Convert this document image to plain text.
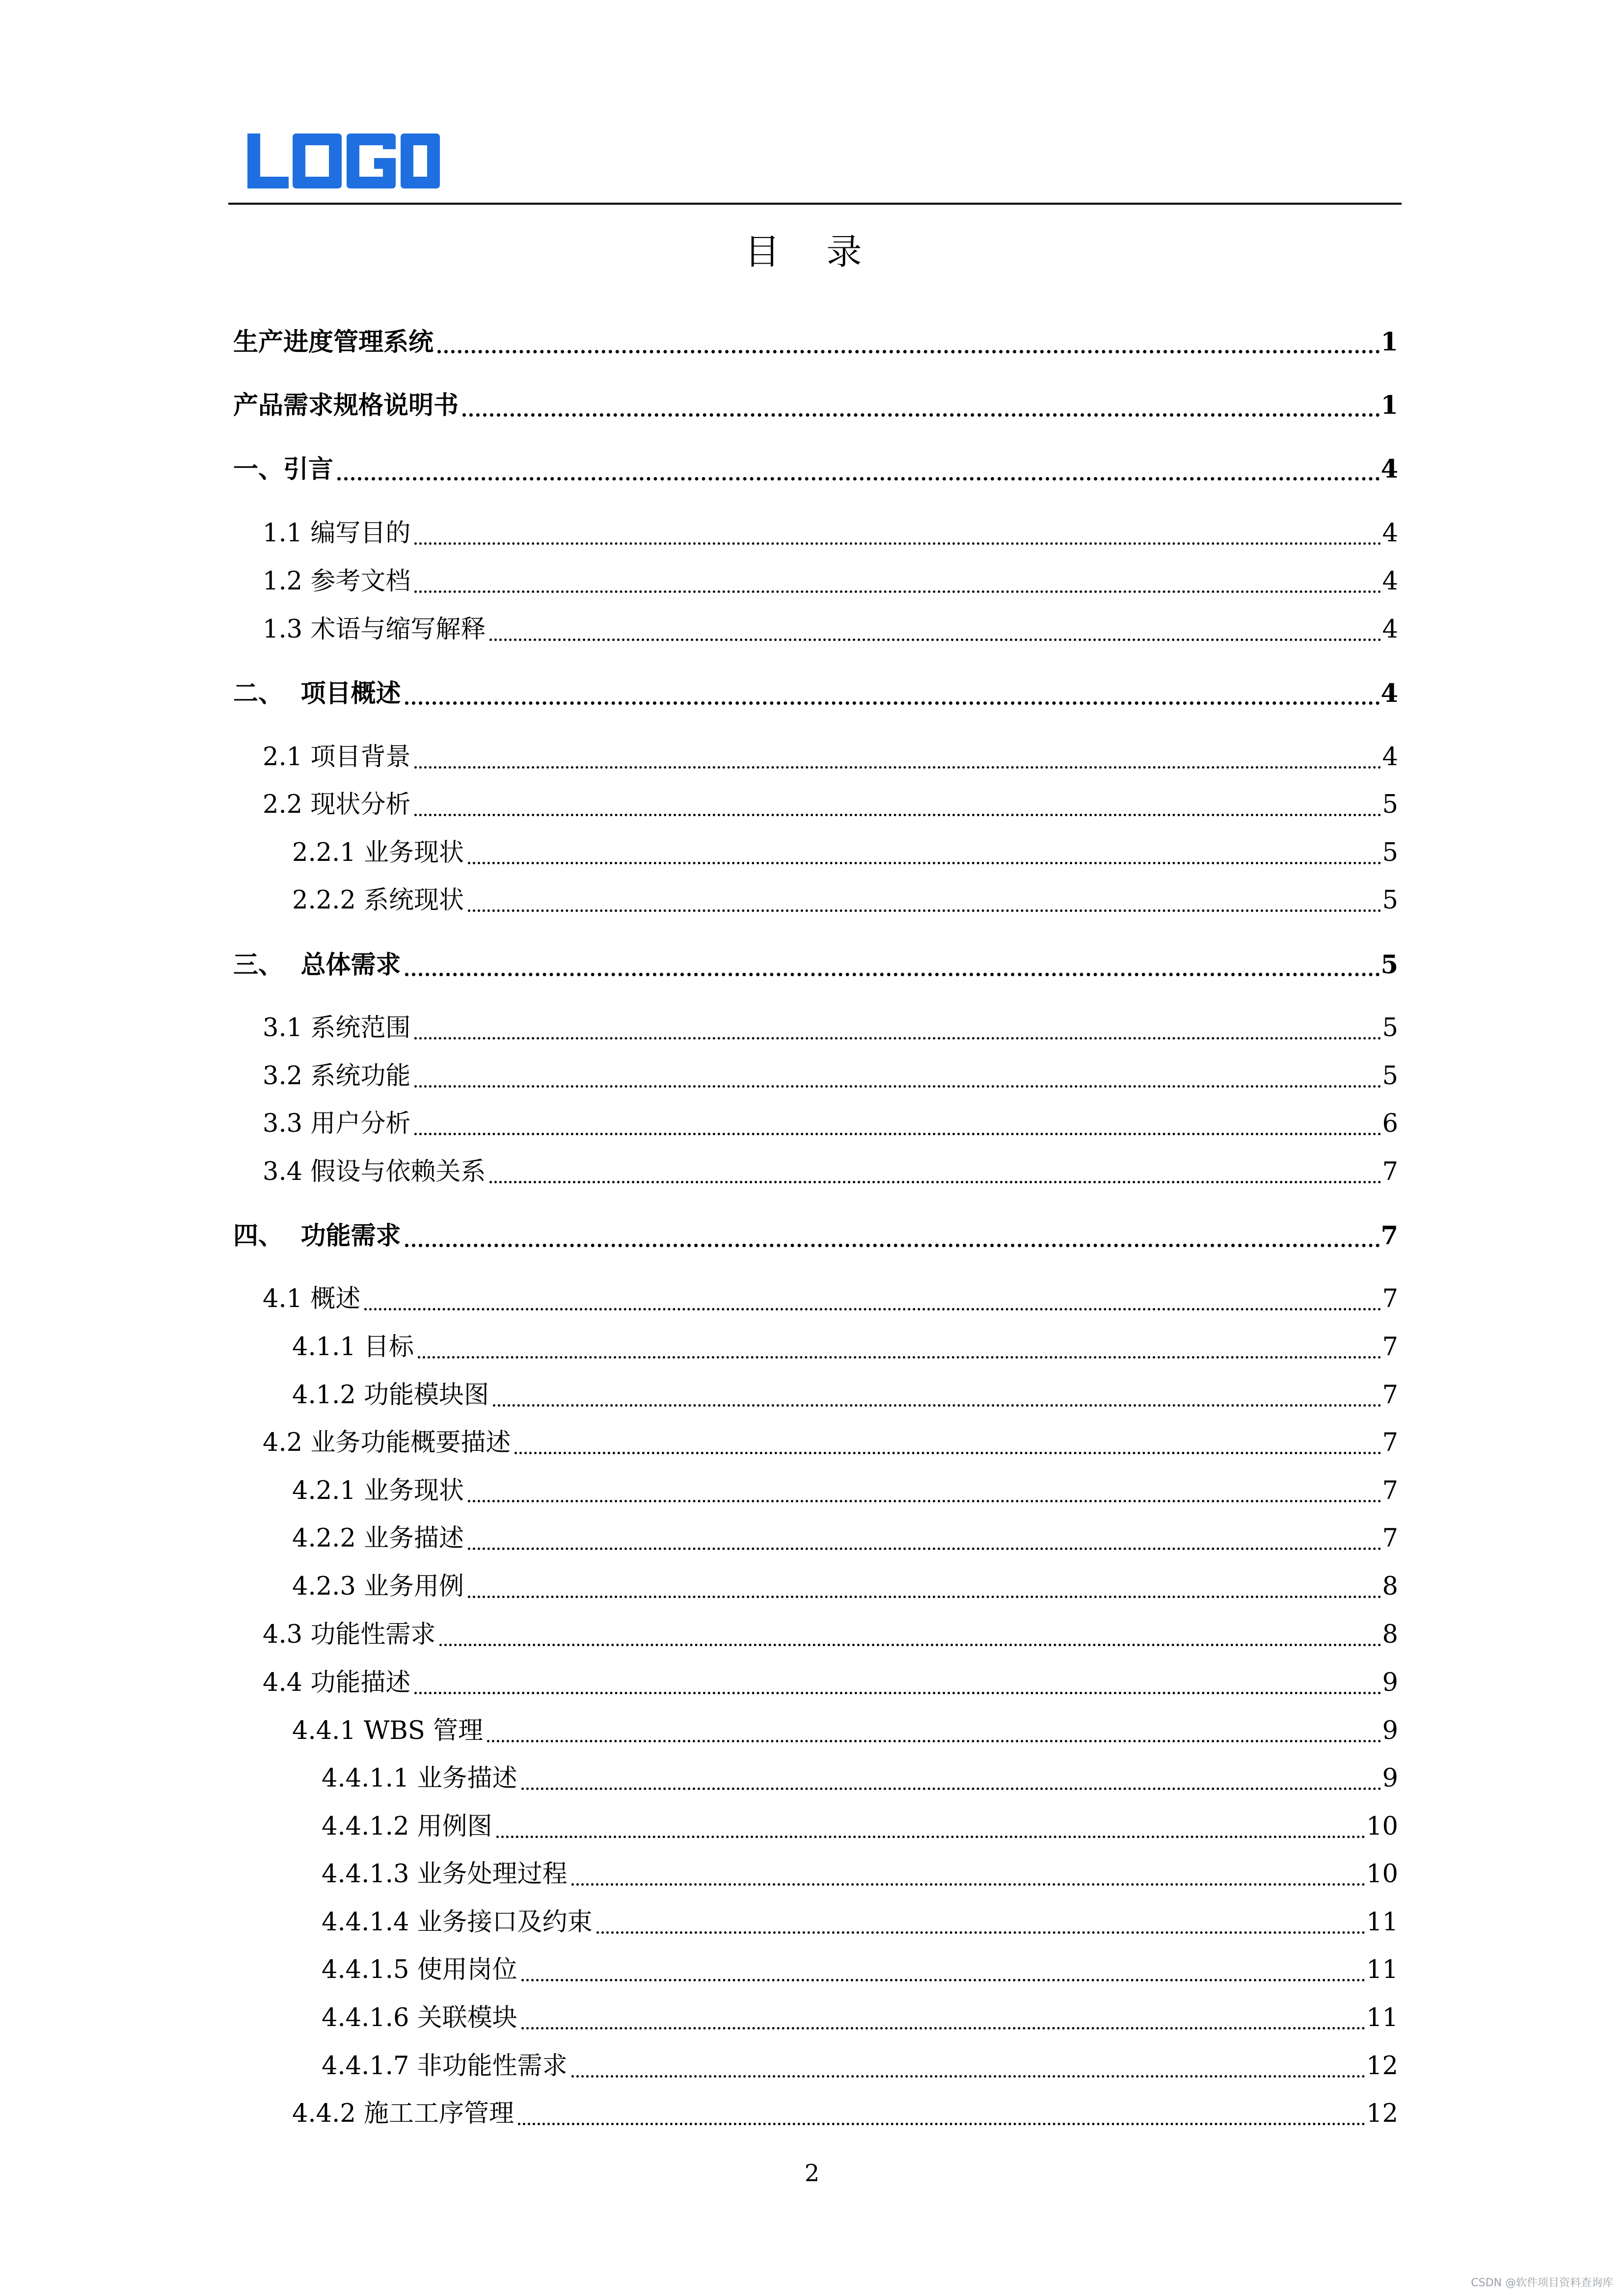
目 录
生产进度管理系统	1
产品需求规格说明书	1
一、引言	4
1.1 编写目的	4
1.2 参考文档	4
1.3 术语与缩写解释	4
二、  项目概述	4
2.1 项目背景	4
2.2 现状分析	5
2.2.1 业务现状	5
2.2.2 系统现状	5
三、  总体需求	5
3.1 系统范围	5
3.2 系统功能	5
3.3 用户分析	6
3.4 假设与依赖关系	7
四、  功能需求	7
4.1 概述	7
4.1.1 目标	7
4.1.2 功能模块图	7
4.2 业务功能概要描述	7
4.2.1 业务现状	7
4.2.2 业务描述	7
4.2.3 业务用例	8
4.3 功能性需求	8
4.4 功能描述	9
4.4.1 WBS 管理	9
4.4.1.1 业务描述	9
4.4.1.2 用例图	10
4.4.1.3 业务处理过程	10
4.4.1.4 业务接口及约束	11
4.4.1.5 使用岗位	11
4.4.1.6 关联模块	11
4.4.1.7 非功能性需求	12
4.4.2 施工工序管理	12
2
CSDN @软件项目资料查询库
